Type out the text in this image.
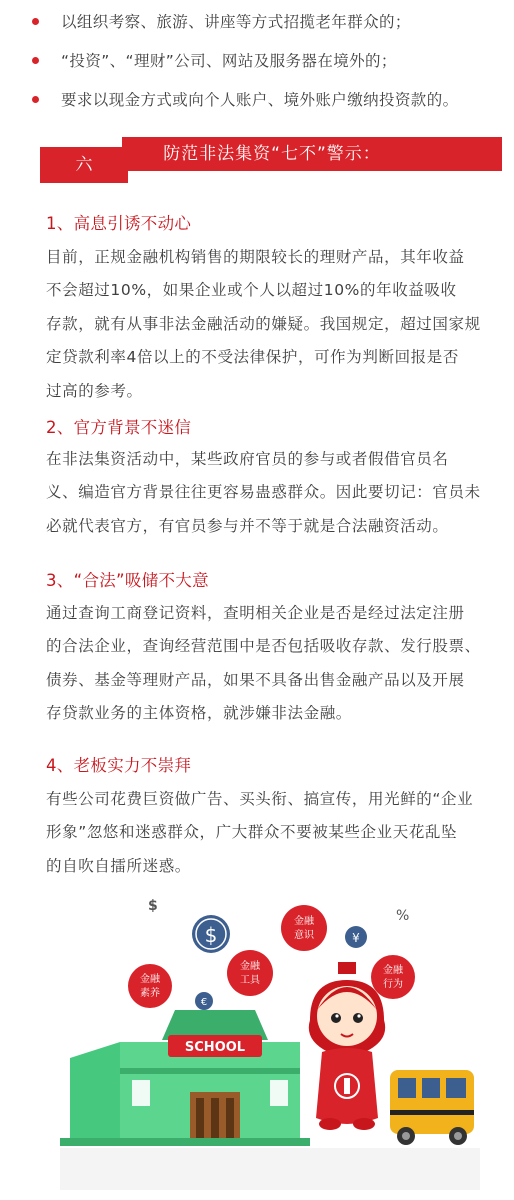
以组织考察、旅游、讲座等方式招揽老年群众的；
“投资”、“理财”公司、网站及服务器在境外的；
要求以现金方式或向个人账户、境外账户缴纳投资款的。
六
防范非法集资“七不”警示：
1、高息引诱不动心
目前，正规金融机构销售的期限较长的理财产品，其年收益
不会超过10%，如果企业或个人以超过10%的年收益吸收
存款，就有从事非法金融活动的嫌疑。我国规定，超过国家规
定贷款利率4倍以上的不受法律保护，可作为判断回报是否
过高的参考。
2、官方背景不迷信
在非法集资活动中，某些政府官员的参与或者假借官员名
义、编造官方背景往往更容易蛊惑群众。因此要切记：官员未
必就代表官方，有官员参与并不等于就是合法融资活动。
3、“合法”吸储不大意
通过查询工商登记资料，查明相关企业是否是经过法定注册
的合法企业，查询经营范围中是否包括吸收存款、发行股票、
债券、基金等理财产品，如果不具备出售金融产品以及开展
存贷款业务的主体资格，就涉嫌非法金融。
4、老板实力不崇拜
有些公司花费巨资做广告、买头衔、搞宣传，用光鲜的“企业
形象”忽悠和迷惑群众，广大群众不要被某些企业天花乱坠
的自吹自擂所迷惑。
$
%
$	¥
€
金融
素养
金融
工具
金融
意识
金融
行为
SCHOOL
